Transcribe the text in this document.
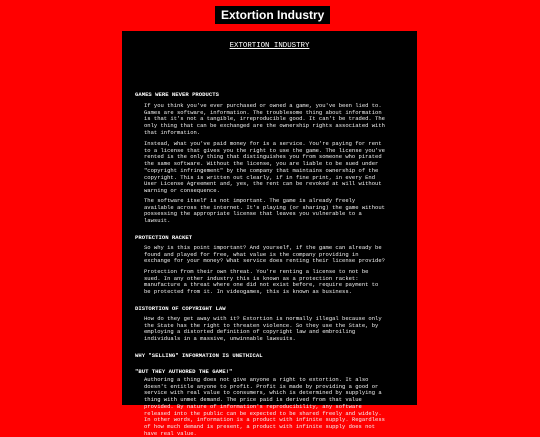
Extortion Industry
EXTORTION INDUSTRY
GAMES WERE NEVER PRODUCTS
If you think you've ever purchased or owned a game, you've been lied to.
Games are software, information. The troublesome thing about information
is that it's not a tangible, irreproducible good. It can't be traded. The
only thing that can be exchanged are the ownership rights associated with
that information.
Instead, what you've paid money for is a service. You're paying for rent
to a license that gives you the right to use the game. The license you've
rented is the only thing that distinguishes you from someone who pirated
the same software. Without the license, you are liable to be sued under
"copyright infringement" by the company that maintains ownership of the
copyright. This is written out clearly, if in fine print, in every End
User License Agreement and, yes, the rent can be revoked at will without
warning or consequence.
The software itself is not important. The game is already freely
available across the internet. It's playing (or sharing) the game without
possessing the appropriate license that leaves you vulnerable to a
lawsuit.
PROTECTION RACKET
So why is this point important? And yourself, if the game can already be
found and played for free, what value is the company providing in
exchange for your money? What service does renting their license provide?
Protection from their own threat. You're renting a license to not be
sued. In any other industry this is known as a protection racket:
manufacture a threat where one did not exist before, require payment to
be protected from it. In videogames, this is known as business.
DISTORTION OF COPYRIGHT LAW
How do they get away with it? Extortion is normally illegal because only
the State has the right to threaten violence. So they use the State, by
employing a distorted definition of copyright law and embroiling
individuals in a massive, unwinnable lawsuits.
WHY "SELLING" INFORMATION IS UNETHICAL
"BUT THEY AUTHORED THE GAME!"
Authoring a thing does not give anyone a right to extortion. It also
doesn't entitle anyone to profit. Profit is made by providing a good or
service with real value to consumers, which is determined by supplying a
thing with unmet demand. The price paid is derived from that value
provided. By nature of information's reproducibility, any software
released into the public can be expected to be shared freely and widely.
In other words, information is a product with infinite supply. Regardless
of how much demand is present, a product with infinite supply does not
have real value.
